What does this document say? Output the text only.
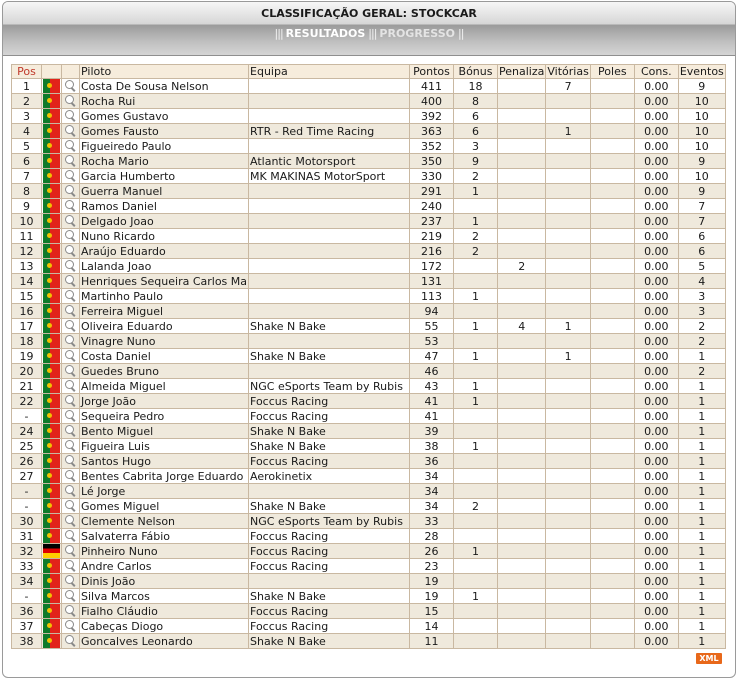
CLASSIFICAÇÃO GERAL: STOCKCAR
||| RESULTADOS ||| PROGRESSO ||
Pos			Piloto	Equipa	Pontos	Bónus	Penaliza	Vitórias	Poles	Cons.	Eventos
1			Costa De Sousa Nelson		411	18		7		0.00	9
2			Rocha Rui		400	8				0.00	10
3			Gomes Gustavo		392	6				0.00	10
4			Gomes Fausto	RTR - Red Time Racing	363	6		1		0.00	10
5			Figueiredo Paulo		352	3				0.00	10
6			Rocha Mario	Atlantic Motorsport	350	9				0.00	9
7			Garcia Humberto	MK MAKINAS MotorSport	330	2				0.00	10
8			Guerra Manuel		291	1				0.00	9
9			Ramos Daniel		240					0.00	7
10			Delgado Joao		237	1				0.00	7
11			Nuno Ricardo		219	2				0.00	6
12			Araújo Eduardo		216	2				0.00	6
13			Lalanda Joao		172		2			0.00	5
14			Henriques Sequeira Carlos Ma		131					0.00	4
15			Martinho Paulo		113	1				0.00	3
16			Ferreira Miguel		94					0.00	3
17			Oliveira Eduardo	Shake N Bake	55	1	4	1		0.00	2
18			Vinagre Nuno		53					0.00	2
19			Costa Daniel	Shake N Bake	47	1		1		0.00	1
20			Guedes Bruno		46					0.00	2
21			Almeida Miguel	NGC eSports Team by Rubis	43	1				0.00	1
22			Jorge João	Foccus Racing	41	1				0.00	1
-			Sequeira Pedro	Foccus Racing	41					0.00	1
24			Bento Miguel	Shake N Bake	39					0.00	1
25			Figueira Luis	Shake N Bake	38	1				0.00	1
26			Santos Hugo	Foccus Racing	36					0.00	1
27			Bentes Cabrita Jorge Eduardo	Aerokinetix	34					0.00	1
-			Lé Jorge		34					0.00	1
-			Gomes Miguel	Shake N Bake	34	2				0.00	1
30			Clemente Nelson	NGC eSports Team by Rubis	33					0.00	1
31			Salvaterra Fábio	Foccus Racing	28					0.00	1
32			Pinheiro Nuno	Foccus Racing	26	1				0.00	1
33			Andre Carlos	Foccus Racing	23					0.00	1
34			Dinis João		19					0.00	1
-			Silva Marcos	Shake N Bake	19	1				0.00	1
36			Fialho Cláudio	Foccus Racing	15					0.00	1
37			Cabeças Diogo	Foccus Racing	14					0.00	1
38			Goncalves Leonardo	Shake N Bake	11					0.00	1
XML
